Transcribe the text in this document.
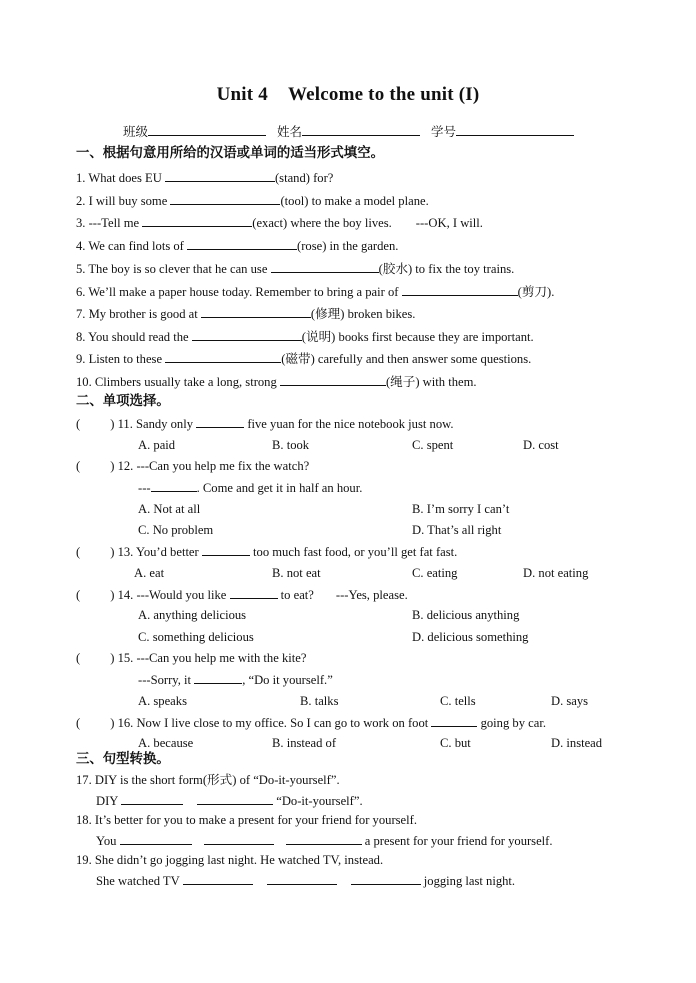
Unit 4 Welcome to the unit (I)
班级	姓名	学号
一、根据句意用所给的汉语或单词的适当形式填空。
1. What does EU	(stand) for?
2. I will buy some	(tool) to make a model plane.
3. ---Tell me	(exact) where the boy lives. ---OK, I will.
4. We can find lots of	(rose) in the garden.
5. The boy is so clever that he can use	(胶水) to fix the toy trains.
6. We’ll make a paper house today. Remember to bring a pair of	(剪刀).
7. My brother is good at	(修理) broken bikes.
8. You should read the	(说明) books first because they are important.
9. Listen to these	(磁带) carefully and then answer some questions.
10. Climbers usually take a long, strong	(绳子) with them.
二、单项选择。
( ) 11. Sandy only	five yuan for the nice notebook just now.
A. paid	B. took	C. spent	D. cost
( ) 12. ---Can you help me fix the watch?
---	. Come and get it in half an hour.
A. Not at all	B. I’m sorry I can’t
C. No problem	D. That’s all right
( ) 13. You’d better	too much fast food, or you’ll get fat fast.
A. eat	B. not eat	C. eating	D. not eating
( ) 14. ---Would you like	to eat? ---Yes, please.
A. anything delicious	B. delicious anything
C. something delicious	D. delicious something
( ) 15. ---Can you help me with the kite?
---Sorry, it	, “Do it yourself.”
A. speaks	B. talks	C. tells	D. says
( ) 16. Now I live close to my office. So I can go to work on foot	going by car.
A. because	B. instead of	C. but	D. instead
三、句型转换。
17. DIY is the short form(形式) of “Do-it-yourself”.
DIY	“Do-it-yourself”.
18. It’s better for you to make a present for your friend for yourself.
You	a present for your friend for yourself.
19. She didn’t go jogging last night. He watched TV, instead.
She watched TV	jogging last night.
